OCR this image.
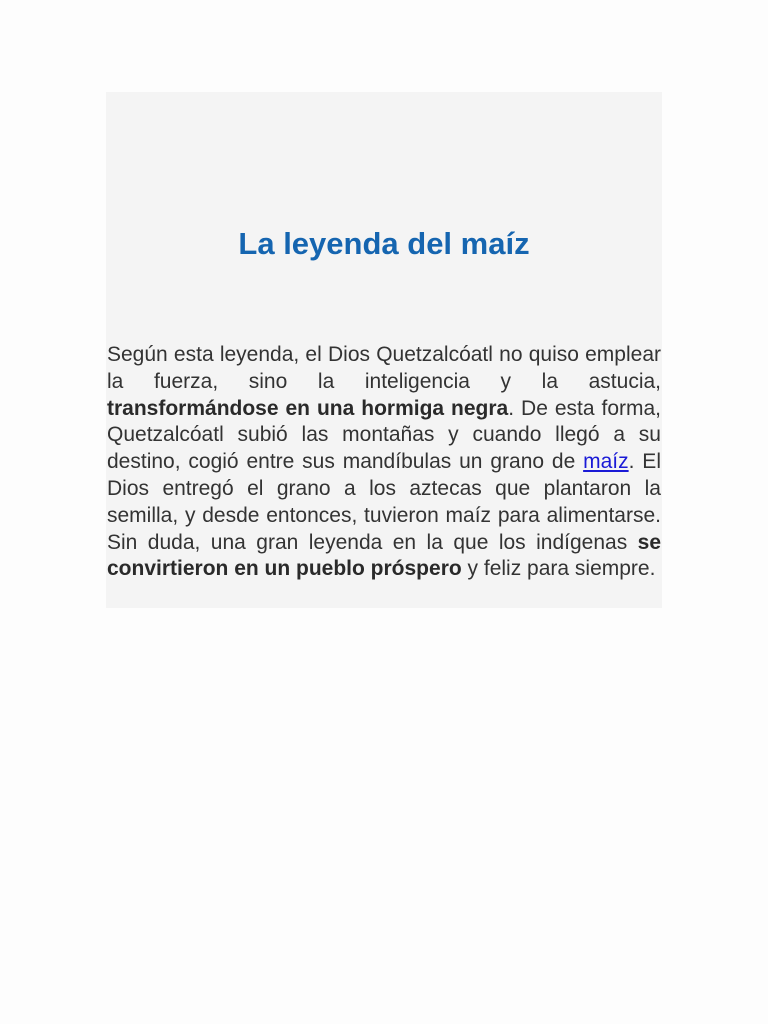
La leyenda del maíz

Según esta leyenda, el Dios Quetzalcóatl no quiso emplear la fuerza, sino la inteligencia y la astucia, transformándose en una hormiga negra. De esta forma, Quetzalcóatl subió las montañas y cuando llegó a su destino, cogió entre sus mandíbulas un grano de maíz. El Dios entregó el grano a los aztecas que plantaron la semilla, y desde entonces, tuvieron maíz para alimentarse. Sin duda, una gran leyenda en la que los indígenas se convirtieron en un pueblo próspero y feliz para siempre.
